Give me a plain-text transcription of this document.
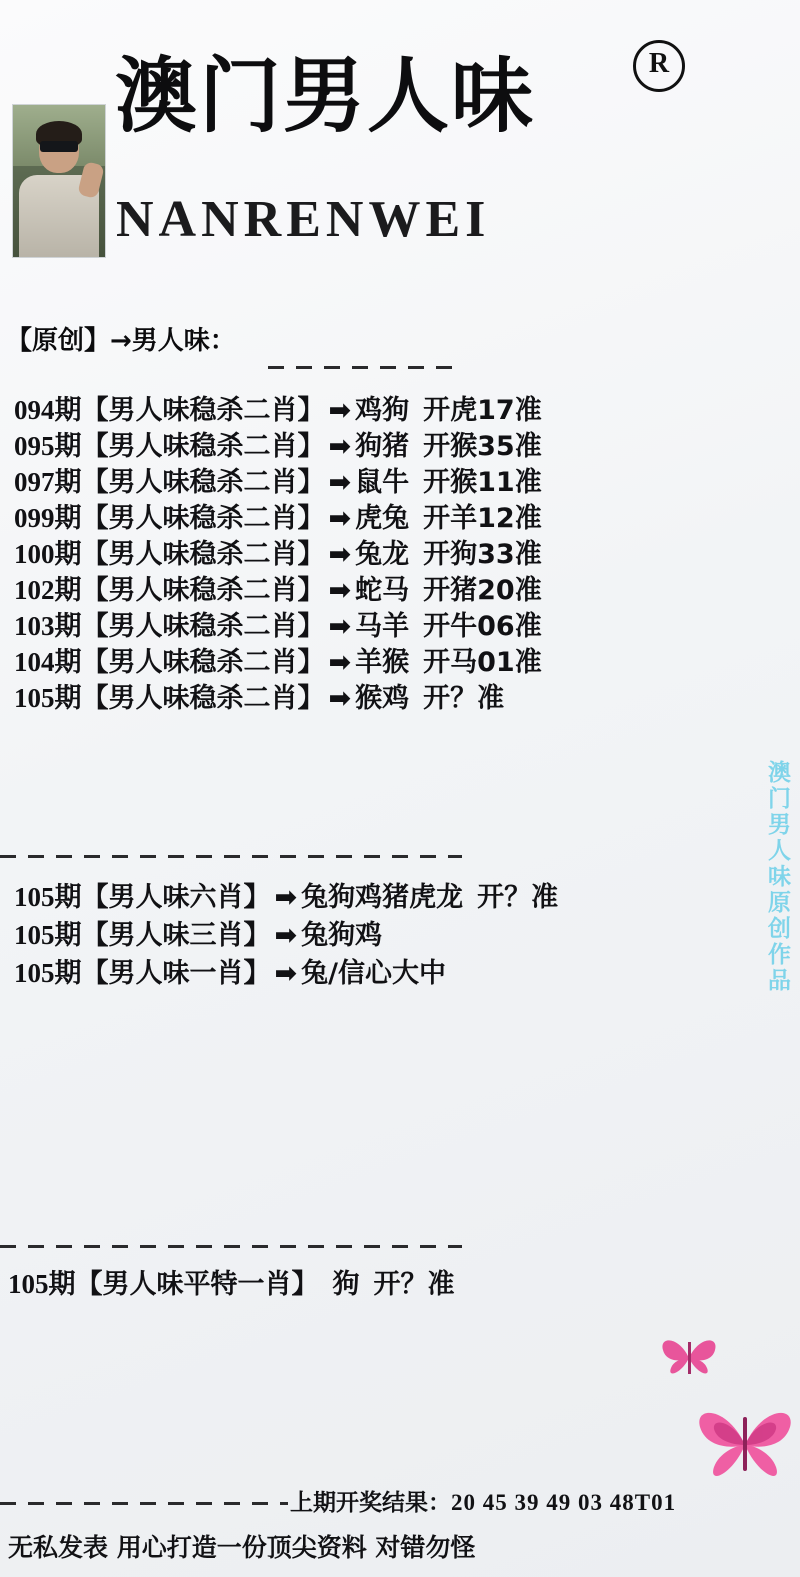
澳门男人味	R
NANRENWEI
【原创】→男人味：
094期【男人味稳杀二肖】 ➡ 鸡狗 开虎17准
095期【男人味稳杀二肖】 ➡ 狗猪 开猴35准
097期【男人味稳杀二肖】 ➡ 鼠牛 开猴11准
099期【男人味稳杀二肖】 ➡ 虎兔 开羊12准
100期【男人味稳杀二肖】 ➡ 兔龙 开狗33准
102期【男人味稳杀二肖】 ➡ 蛇马 开猪20准
103期【男人味稳杀二肖】 ➡ 马羊 开牛06准
104期【男人味稳杀二肖】 ➡ 羊猴 开马01准
105期【男人味稳杀二肖】 ➡ 猴鸡 开？准
澳门男人味原创作品
105期【男人味六肖】 ➡ 兔狗鸡猪虎龙 开？准
105期【男人味三肖】 ➡ 兔狗鸡
105期【男人味一肖】 ➡ 兔/信心大中
105期【男人味平特一肖】 狗 开？准
上期开奖结果：20 45 39 49 03 48T01
无私发表 用心打造一份顶尖资料 对错勿怪
